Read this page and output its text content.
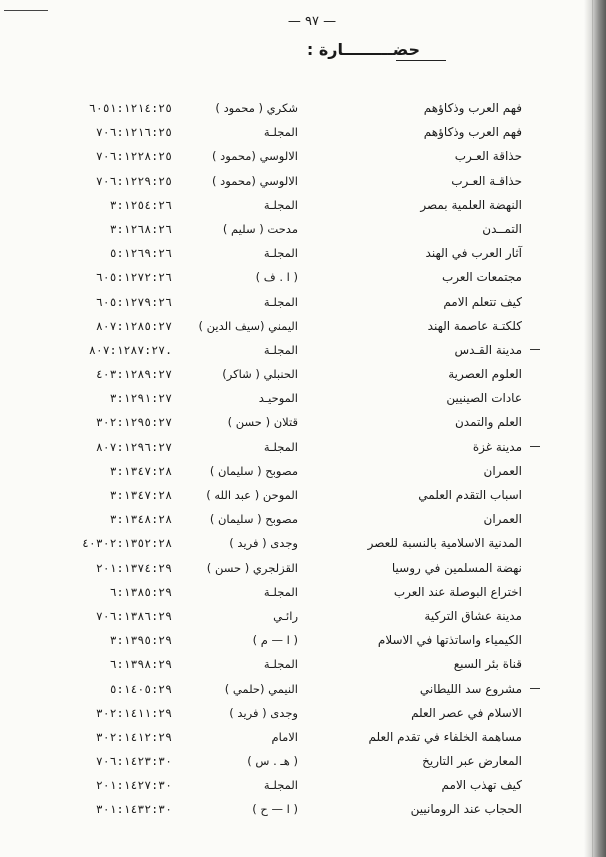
— ٩٧ —
حضـــــــــارة :
فهم العرب وذكاؤهم
شكري ( محمود )
٦٠٥١:١٢١٤:٢٥
فهم العرب وذكاؤهم
المجلـة
٧٠٦:١٢١٦:٢٥
حذاقة العـرب
الالوسي (محمود )
٧٠٦:١٢٢٨:٢٥
حذاقـة العـرب
الالوسي (محمود )
٧٠٦:١٢٢٩:٢٥
النهضة العلمية بمصر
المجلـة
٣:١٢٥٤:٢٦
التمــدن
مدحت ( سليم )
٣:١٢٦٨:٢٦
آثار العرب في الهند
المجلـة
٥:١٢٦٩:٢٦
مجتمعات العرب
( ا . ف )
٦٠٥:١٢٧٢:٢٦
كيف تتعلم الامم
المجلـة
٦٠٥:١٢٧٩:٢٦
كلكتـة عاصمة الهند
اليمني (سيف الدين )
٨٠٧:١٢٨٥:٢٧
مدينة القـدس
المجلـة
٨٠٧:١٢٨٧:٢٧.
العلوم العصرية
الحنبلي ( شاكر)
٤٠٣:١٢٨٩:٢٧
عادات الصينيين
الموحيـد
٣:١٢٩١:٢٧
العلم والتمدن
قتلان ( حسن )
٣٠٢:١٢٩٥:٢٧
مدينة غزة
المجلـة
٨٠٧:١٢٩٦:٢٧
العمران
مصوبح ( سليمان )
٣:١٣٤٧:٢٨
اسباب التقدم العلمي
الموحن ( عبد الله )
٣:١٣٤٧:٢٨
العمران
مصوبح ( سليمان )
٣:١٣٤٨:٢٨
المدنية الاسلامية بالنسبة للعصر
وجدى ( فريد )
٤٠٣٠٢:١٣٥٢:٢٨
نهضة المسلمين في روسيا
القزلجري ( حسن )
٢٠١:١٣٧٤:٢٩
اختراع البوصلة عند العرب
المجلـة
٦:١٣٨٥:٢٩
مدينة عشاق التركية
رائـي
٧٠٦:١٣٨٦:٢٩
الكيمياء واساتذتها في الاسلام
( ا — م )
٣:١٣٩٥:٢٩
قناة بئر السبع
المجلـة
٦:١٣٩٨:٢٩
مشروع سد الليطاني
النيمي (حلمي )
٥:١٤٠٥:٢٩
الاسلام في عصر العلم
وجدى ( فريد )
٣٠٢:١٤١١:٢٩
مساهمة الخلفاء في تقدم العلم
الامام
٣٠٢:١٤١٢:٢٩
المعارض عبر التاريخ
( هـ . س )
٧٠٦:١٤٢٣:٣٠
كيف تهذب الامم
المجلـة
٢٠١:١٤٢٧:٣٠
الحجاب عند الرومانيين
( ا — ح )
٣٠١:١٤٣٢:٣٠
